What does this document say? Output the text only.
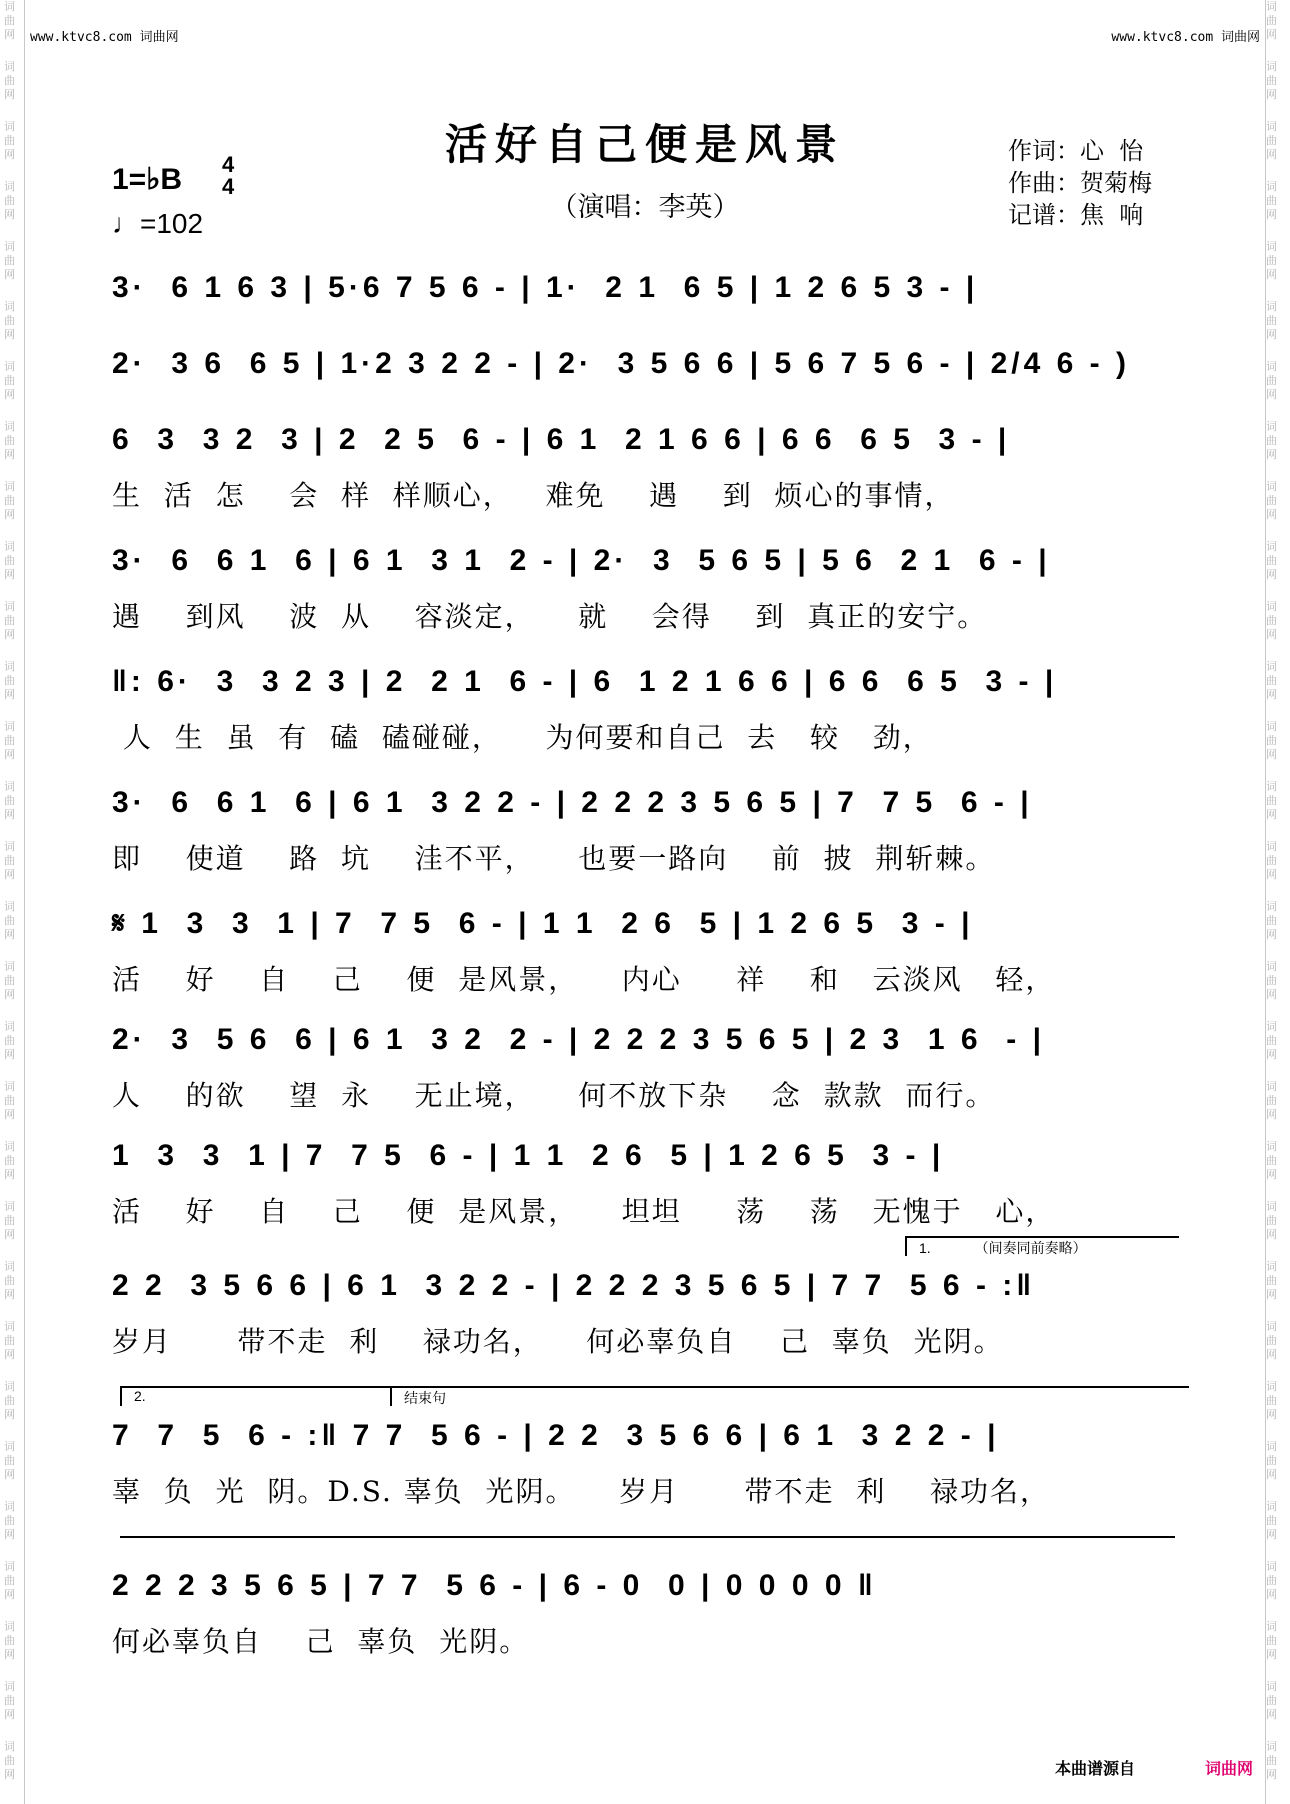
词曲网
词曲网
词曲网
词曲网
词曲网
词曲网
词曲网
词曲网
词曲网
词曲网
词曲网
词曲网
词曲网
词曲网
词曲网
词曲网
词曲网
词曲网
词曲网
词曲网
词曲网
词曲网
词曲网
词曲网
词曲网
词曲网
词曲网
词曲网
词曲网
词曲网
词曲网
词曲网
词曲网
词曲网
词曲网
词曲网
词曲网
词曲网
词曲网
词曲网
词曲网
词曲网
词曲网
词曲网
词曲网
词曲网
词曲网
词曲网
词曲网
词曲网
词曲网
词曲网
词曲网
词曲网
词曲网
词曲网
词曲网
词曲网
词曲网
词曲网
www.ktvc8.com 词曲网	www.ktvc8.com 词曲网
活好自己便是风景
（演唱：李英）
1=♭B 4
4
♩=102
作词：心  怡
作曲：贺菊梅
记谱：焦  响
3·  6 1 6 3 | 5·6 7 5 6 - | 1·  2 1  6 5 | 1 2 6 5 3 - |
2·  3 6  6 5 | 1·2 3 2 2 - | 2·  3 5 6 6 | 5 6 7 5 6 - | 2/4 6 - )
6  3  3 2  3 | 2  2 5  6 - | 6 1  2 1 6 6 | 6 6  6 5  3 - |
生  活  怎    会  样  样顺心，   难免    遇    到  烦心的事情，
3·  6  6 1  6 | 6 1  3 1  2 - | 2·  3  5 6 5 | 5 6  2 1  6 - |
遇    到风    波  从    容淡定，    就    会得    到  真正的安宁。
‖: 6·  3  3 2 3 | 2  2 1  6 - | 6  1 2 1 6 6 | 6 6  6 5  3 - |
人  生  虽  有  磕  磕碰碰，    为何要和自己  去   较   劲，
3·  6  6 1  6 | 6 1  3 2 2 - | 2 2 2 3 5 6 5 | 7  7 5  6 - |
即    使道    路  坑    洼不平，    也要一路向    前  披  荆斩棘。
𝄋 1  3  3  1 | 7  7 5  6 - | 1 1  2 6  5 | 1 2 6 5  3 - |
活    好    自    己    便  是风景，    内心     祥    和   云淡风   轻，
2·  3  5 6  6 | 6 1  3 2  2 - | 2 2 2 3 5 6 5 | 2 3  1 6  - |
人    的欲    望  永    无止境，    何不放下杂    念  款款  而行。
1  3  3  1 | 7  7 5  6 - | 1 1  2 6  5 | 1 2 6 5  3 - |
活    好    自    己    便  是风景，    坦坦     荡    荡   无愧于   心，
1.	（间奏同前奏略）
2 2  3 5 6 6 | 6 1  3 2 2 - | 2 2 2 3 5 6 5 | 7 7  5 6 - :‖
岁月      带不走  利    禄功名，    何必辜负自    己  辜负  光阴。
2.	结束句
7  7  5  6 - :‖ 7 7  5 6 - | 2 2  3 5 6 6 | 6 1  3 2 2 - |
辜  负  光  阴。D.S. 辜负  光阴。    岁月      带不走  利    禄功名，
2 2 2 3 5 6 5 | 7 7  5 6 - | 6 - 0  0 | 0 0 0 0 ‖
何必辜负自    己  辜负  光阴。
本曲谱源自	词曲网
